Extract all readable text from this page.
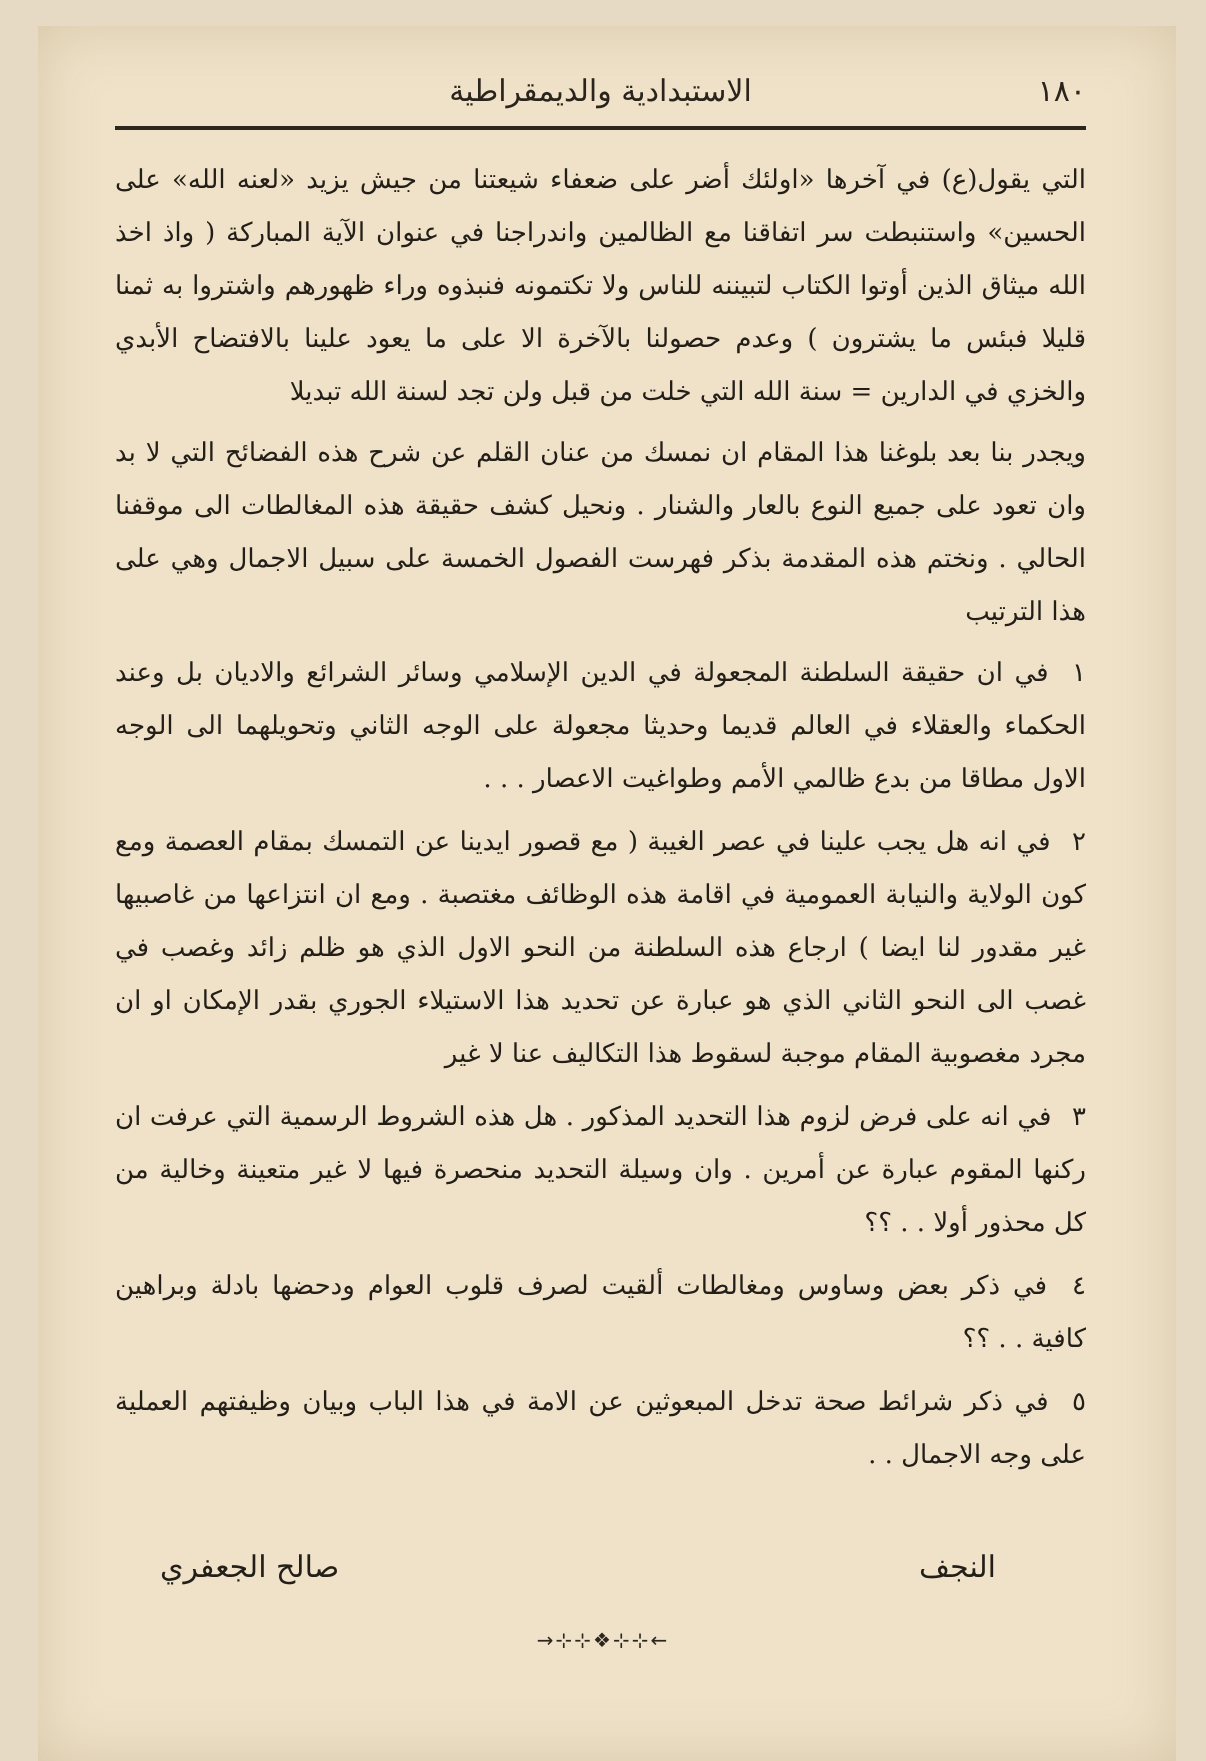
١٨٠
الاستبدادية والديمقراطية

التي يقول(ع) في آخرها «اولئك أضر على ضعفاء شيعتنا من جيش يزيد «لعنه الله» على الحسين» واستنبطت سر اتفاقنا مع الظالمين واندراجنا في عنوان الآية المباركة ( واذ اخذ الله ميثاق الذين أوتوا الكتاب لتبيننه للناس ولا تكتمونه فنبذوه وراء ظهورهم واشتروا به ثمنا قليلا فبئس ما يشترون ) وعدم حصولنا بالآخرة الا على ما يعود علينا بالافتضاح الأبدي والخزي في الدارين = سنة الله التي خلت من قبل ولن تجد لسنة الله تبديلا

ويجدر بنا بعد بلوغنا هذا المقام ان نمسك من عنان القلم عن شرح هذه الفضائح التي لا بد وان تعود على جميع النوع بالعار والشنار . ونحيل كشف حقيقة هذه المغالطات الى موقفنا الحالي . ونختم هذه المقدمة بذكر فهرست الفصول الخمسة على سبيل الاجمال وهي على هذا الترتيب

١ في ان حقيقة السلطنة المجعولة في الدين الإسلامي وسائر الشرائع والاديان بل وعند الحكماء والعقلاء في العالم قديما وحديثا مجعولة على الوجه الثاني وتحويلهما الى الوجه الاول مطاقا من بدع ظالمي الأمم وطواغيت الاعصار . . .

٢ في انه هل يجب علينا في عصر الغيبة ( مع قصور ايدينا عن التمسك بمقام العصمة ومع كون الولاية والنيابة العمومية في اقامة هذه الوظائف مغتصبة . ومع ان انتزاعها من غاصبيها غير مقدور لنا ايضا ) ارجاع هذه السلطنة من النحو الاول الذي هو ظلم زائد وغصب في غصب الى النحو الثاني الذي هو عبارة عن تحديد هذا الاستيلاء الجوري بقدر الإمكان او ان مجرد مغصوبية المقام موجبة لسقوط هذا التكاليف عنا لا غير

٣ في انه على فرض لزوم هذا التحديد المذكور . هل هذه الشروط الرسمية التي عرفت ان ركنها المقوم عبارة عن أمرين . وان وسيلة التحديد منحصرة فيها لا غير متعينة وخالية من كل محذور أولا . . ؟؟

٤ في ذكر بعض وساوس ومغالطات ألقيت لصرف قلوب العوام ودحضها بادلة وبراهين كافية . . ؟؟

٥ في ذكر شرائط صحة تدخل المبعوثين عن الامة في هذا الباب وبيان وظيفتهم العملية على وجه الاجمال . .

النجف
صالح الجعفري
→⊹⊹❖⊹⊹←
